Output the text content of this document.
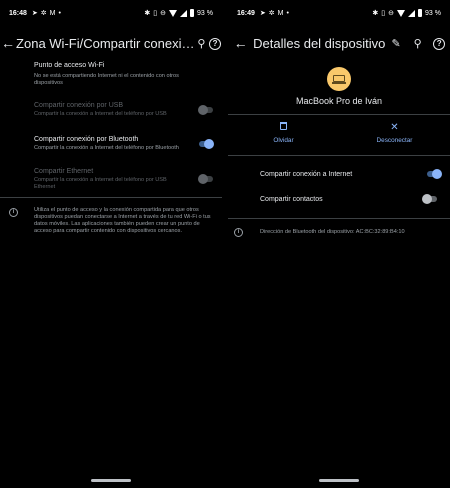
16:48 ➤ ✲ M •	✱ ▯ ⊖	93 %
← Zona Wi-Fi/Compartir conexi… ⚲ ?
Punto de acceso Wi-Fi
No se está compartiendo Internet ni el contenido con otros dispositivos
Compartir conexión por USB
Compartir la conexión a Internet del teléfono por USB
Compartir conexión por Bluetooth
Compartir la conexión a Internet del teléfono por Bluetooth
Compartir Ethernet
Compartir la conexión a Internet del teléfono por USB Ethernet
i	Utiliza el punto de acceso y la conexión compartida para que otros dispositivos puedan conectarse a Internet a través de tu red Wi-Fi o tus datos móviles. Las aplicaciones también pueden crear un punto de acceso para compartir contenido con dispositivos cercanos.
16:49 ➤ ✲ M •	✱ ▯ ⊖	93 %
← Detalles del dispositivo ✎	⚲	?
MacBook Pro de Iván
Olvidar
✕
Desconectar
Compartir conexión a Internet
Compartir contactos
i	Dirección de Bluetooth del dispositivo: AC:BC:32:89:B4:10
